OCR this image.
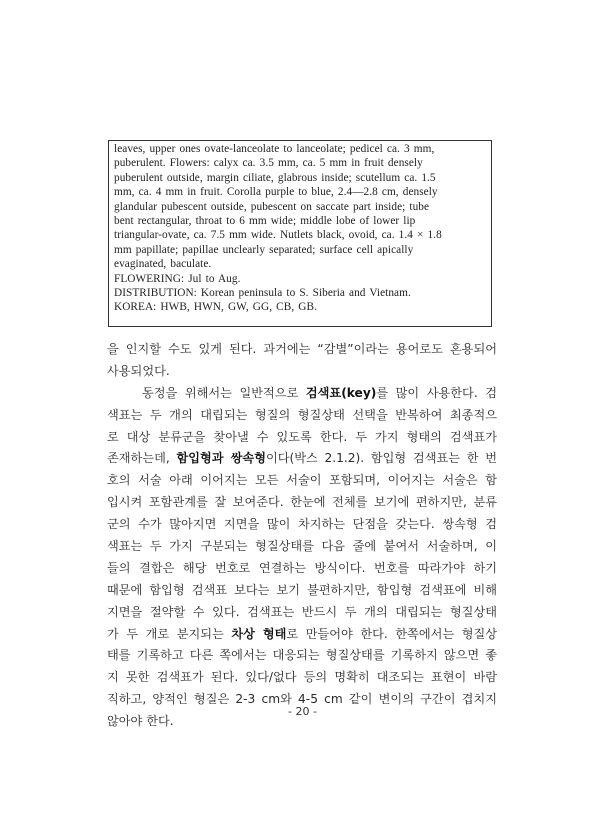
leaves, upper ones ovate-lanceolate to lanceolate; pedicel ca. 3 mm,
puberulent. Flowers: calyx ca. 3.5 mm, ca. 5 mm in fruit densely
puberulent outside, margin ciliate, glabrous inside; scutellum ca. 1.5
mm, ca. 4 mm in fruit. Corolla purple to blue, 2.4—2.8 cm, densely
glandular pubescent outside, pubescent on saccate part inside; tube
bent rectangular, throat to 6 mm wide; middle lobe of lower lip
triangular-ovate, ca. 7.5 mm wide. Nutlets black, ovoid, ca. 1.4 × 1.8
mm papillate; papillae unclearly separated; surface cell apically
evaginated, baculate.
FLOWERING: Jul to Aug.
DISTRIBUTION: Korean peninsula to S. Siberia and Vietnam.
KOREA: HWB, HWN, GW, GG, CB, GB.
을 인지할 수도 있게 된다. 과거에는 “감별”이라는 용어로도 혼용되어
사용되었다.
동정을 위해서는 일반적으로 검색표(key)를 많이 사용한다. 검
색표는 두 개의 대립되는 형질의 형질상태 선택을 반복하여 최종적으
로 대상 분류군을 찾아낼 수 있도록 한다. 두 가지 형태의 검색표가
존재하는데, 함입형과 쌍속형이다(박스 2.1.2). 함입형 검색표는 한 번
호의 서술 아래 이어지는 모든 서술이 포함되며, 이어지는 서술은 함
입시켜 포함관계를 잘 보여준다. 한눈에 전체를 보기에 편하지만, 분류
군의 수가 많아지면 지면을 많이 차지하는 단점을 갖는다. 쌍속형 검
색표는 두 가지 구분되는 형질상태를 다음 줄에 붙여서 서술하며, 이
들의 결합은 해당 번호로 연결하는 방식이다. 번호를 따라가야 하기
때문에 함입형 검색표 보다는 보기 불편하지만, 함입형 검색표에 비해
지면을 절약할 수 있다. 검색표는 반드시 두 개의 대립되는 형질상태
가 두 개로 분지되는 차상 형태로 만들어야 한다. 한쪽에서는 형질상
태를 기록하고 다른 쪽에서는 대응되는 형질상태를 기록하지 않으면 좋
지 못한 검색표가 된다. 있다/없다 등의 명확히 대조되는 표현이 바람
직하고, 양적인 형질은 2-3 cm와 4-5 cm 같이 변이의 구간이 겹치지
않아야 한다.
- 20 -
